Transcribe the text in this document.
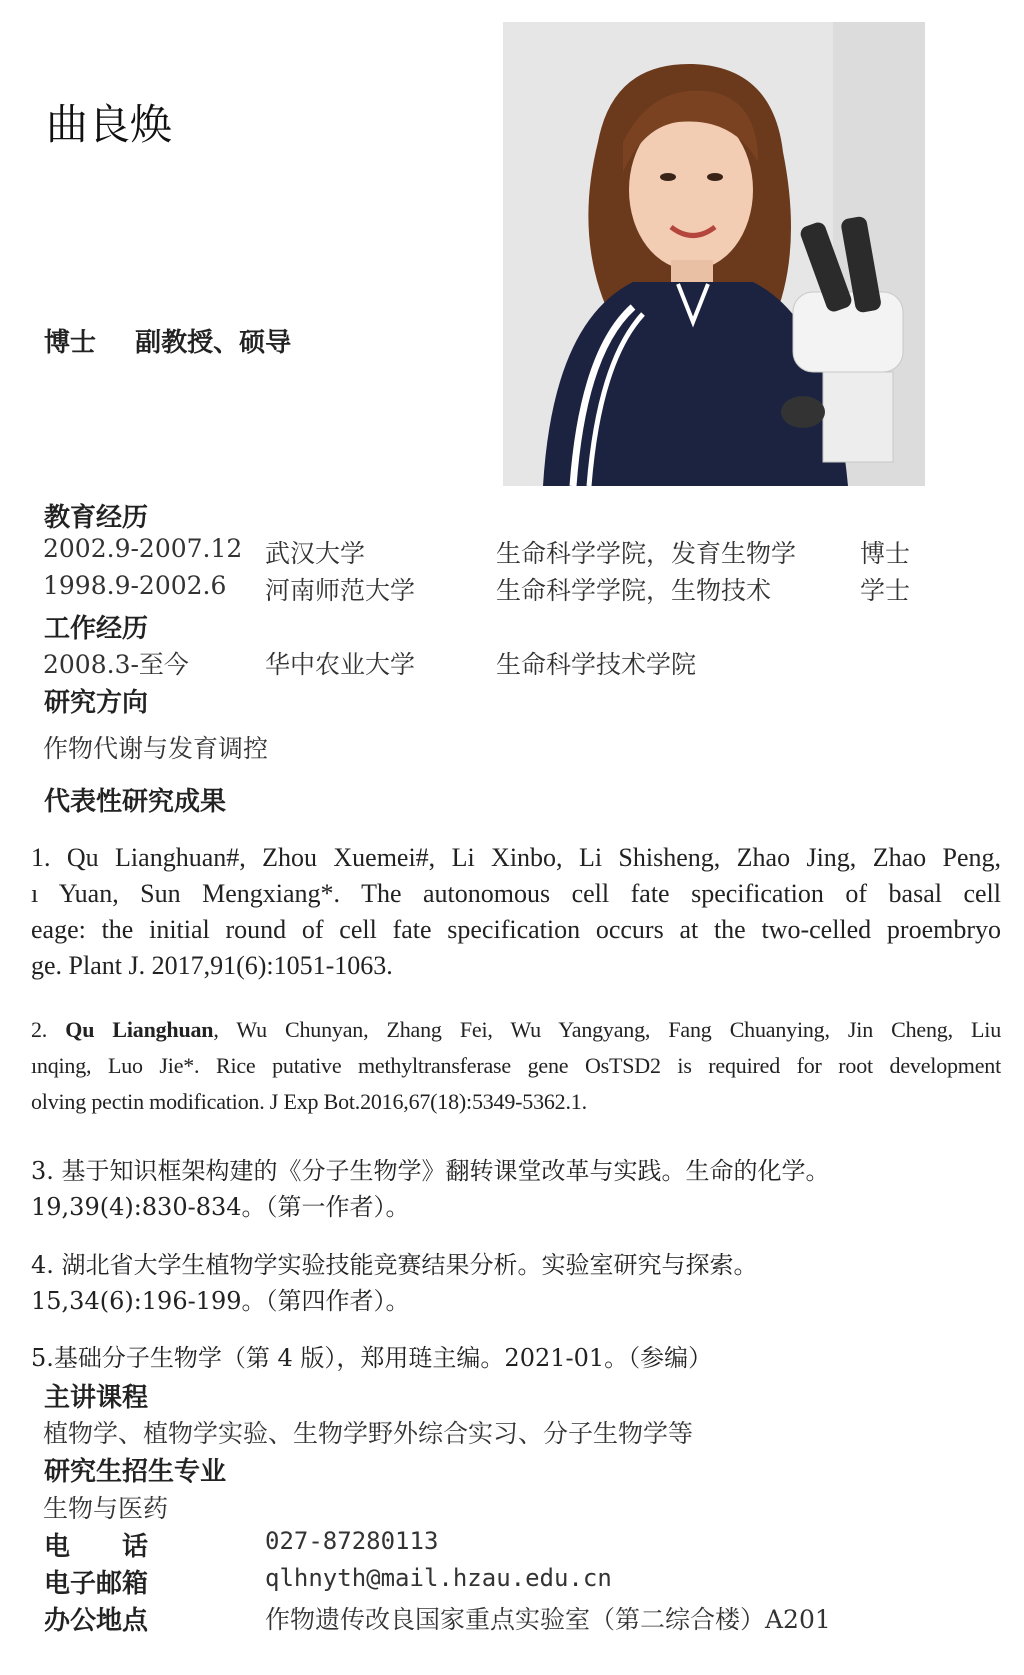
曲良焕
博士 副教授、硕导
教育经历
2002.9-2007.12 武汉大学	生命科学学院，发育生物学	博士
1998.9-2002.6 河南师范大学	生命科学学院，生物技术	学士
工作经历
2008.3-至今	华中农业大学	生命科学技术学院
研究方向
作物代谢与发育调控
代表性研究成果
1. Qu Lianghuan#, Zhou Xuemei#, Li Xinbo, Li Shisheng, Zhao Jing, Zhao Peng,
ı Yuan, Sun Mengxiang*. The autonomous cell fate specification of basal cell
eage: the initial round of cell fate specification occurs at the two-celled proembryo
ge. Plant J. 2017,91(6):1051-1063.
2. Qu Lianghuan, Wu Chunyan, Zhang Fei, Wu Yangyang, Fang Chuanying, Jin Cheng, Liu
ınqing, Luo Jie*. Rice putative methyltransferase gene OsTSD2 is required for root development
olving pectin modification. J Exp Bot.2016,67(18):5349-5362.1.
3. 基于知识框架构建的《分子生物学》翻转课堂改革与实践。生命的化学。
19,39(4):830-834。（第一作者）。
4. 湖北省大学生植物学实验技能竞赛结果分析。实验室研究与探索。
15,34(6):196-199。（第四作者）。
5.基础分子生物学（第 4 版），郑用琏主编。2021-01。（参编）
主讲课程
植物学、植物学实验、生物学野外综合实习、分子生物学等
研究生招生专业
生物与医药
电　　话	027-87280113
电子邮箱	qlhnyth@mail.hzau.edu.cn
办公地点	作物遗传改良国家重点实验室（第二综合楼）A201
